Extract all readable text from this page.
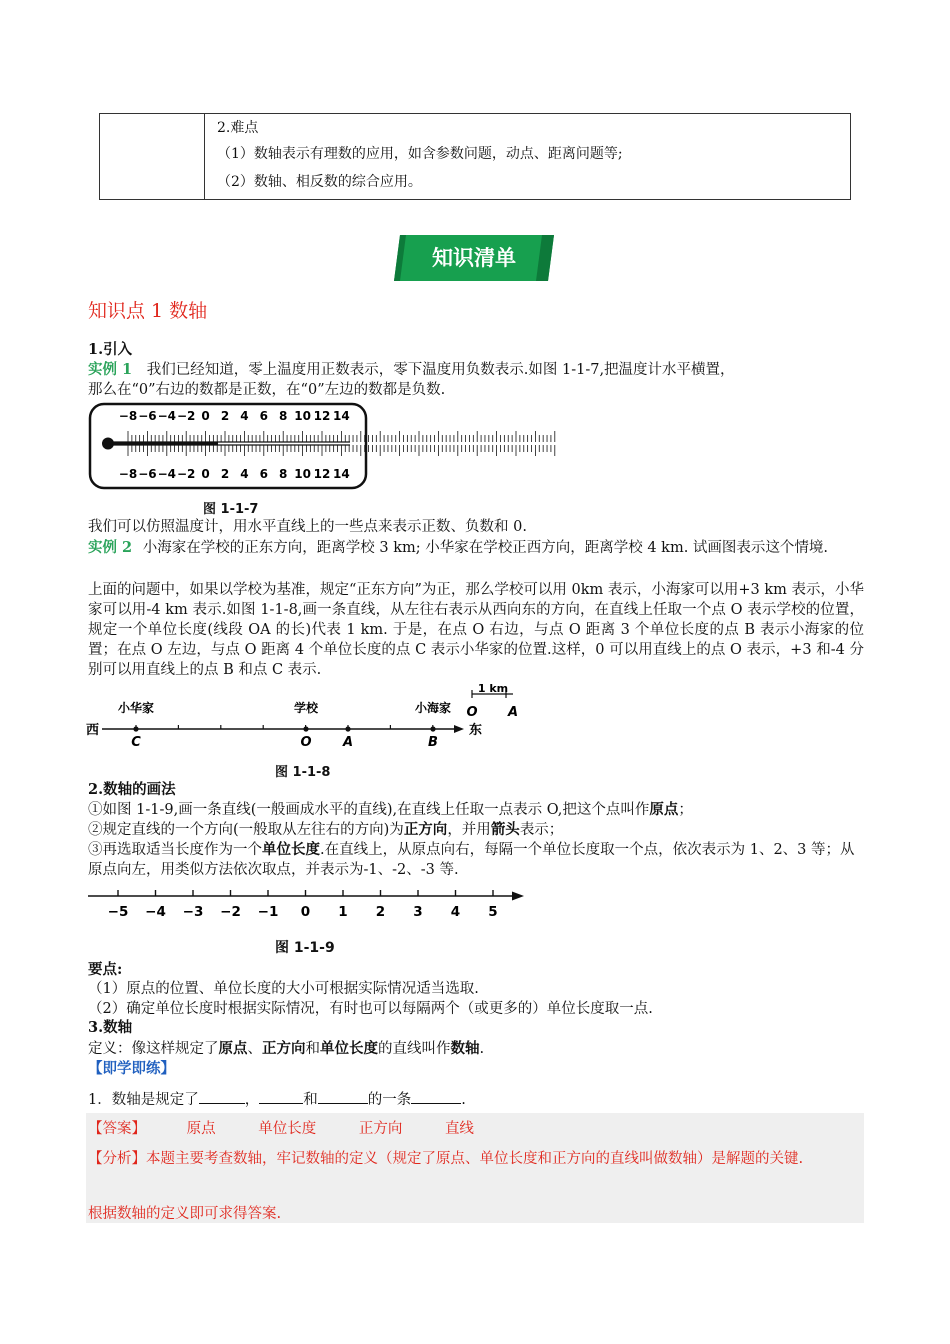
2.难点
（1）数轴表示有理数的应用，如含参数问题，动点、距离问题等;
（2）数轴、相反数的综合应用。
知识清单
知识点 1 数轴
1.引入
实例 1 我们已经知道，零上温度用正数表示，零下温度用负数表示.如图 1-1-7,把温度计水平横置，
那么在“0”右边的数都是正数，在“0”左边的数都是负数.
−8 −6 −4 −2 0 2 4 6 8 10 12 14
−8 −6 −4 −2 0 2 4 6 8 10 12 14
图 1-1-7
我们可以仿照温度计，用水平直线上的一些点来表示正数、负数和 0.
实例 2 小海家在学校的正东方向，距离学校 3 km; 小华家在学校正西方向，距离学校 4 km. 试画图表示这个情境.
上面的问题中，如果以学校为基准，规定“正东方向”为正，那么学校可以用 0km 表示，小海家可以用+3 km 表示，小华家可以用-4 km 表示.如图 1-1-8,画一条直线，从左往右表示从西向东的方向，在直线上任取一个点 O 表示学校的位置，规定一个单位长度(线段 OA 的长)代表 1 km. 于是，在点 O 右边，与点 O 距离 3 个单位长度的点 B 表示小海家的位置；在点 O 左边，与点 O 距离 4 个单位长度的点 C 表示小华家的位置.这样，0 可以用直线上的点 O 表示，+3 和-4 分别可以用直线上的点 B 和点 C 表示.
西	东
小华家	学校	小海家
C	O A	B
1 km
O A
图 1-1-8
2.数轴的画法
①如图 1-1-9,画一条直线(一般画成水平的直线),在直线上任取一点表示 O,把这个点叫作原点；
②规定直线的一个方向(一般取从左往右的方向)为正方向，并用箭头表示；
③再选取适当长度作为一个单位长度.在直线上，从原点向右，每隔一个单位长度取一个点，依次表示为 1、2、3 等；从原点向左，用类似方法依次取点，并表示为-1、-2、-3 等.
−5 −4 −3 −2 −1 0 1 2 3 4 5
图 1-1-9
要点:
（1）原点的位置、单位长度的大小可根据实际情况适当选取.
（2）确定单位长度时根据实际情况，有时也可以每隔两个（或更多的）单位长度取一点.
3.数轴
定义：像这样规定了原点、正方向和单位长度的直线叫作数轴.
【即学即练】
1．数轴是规定了	，	和	的一条	.
【答案】	原点	单位长度	正方向	直线
【分析】本题主要考查数轴，牢记数轴的定义（规定了原点、单位长度和正方向的直线叫做数轴）是解题的关键.
根据数轴的定义即可求得答案.
